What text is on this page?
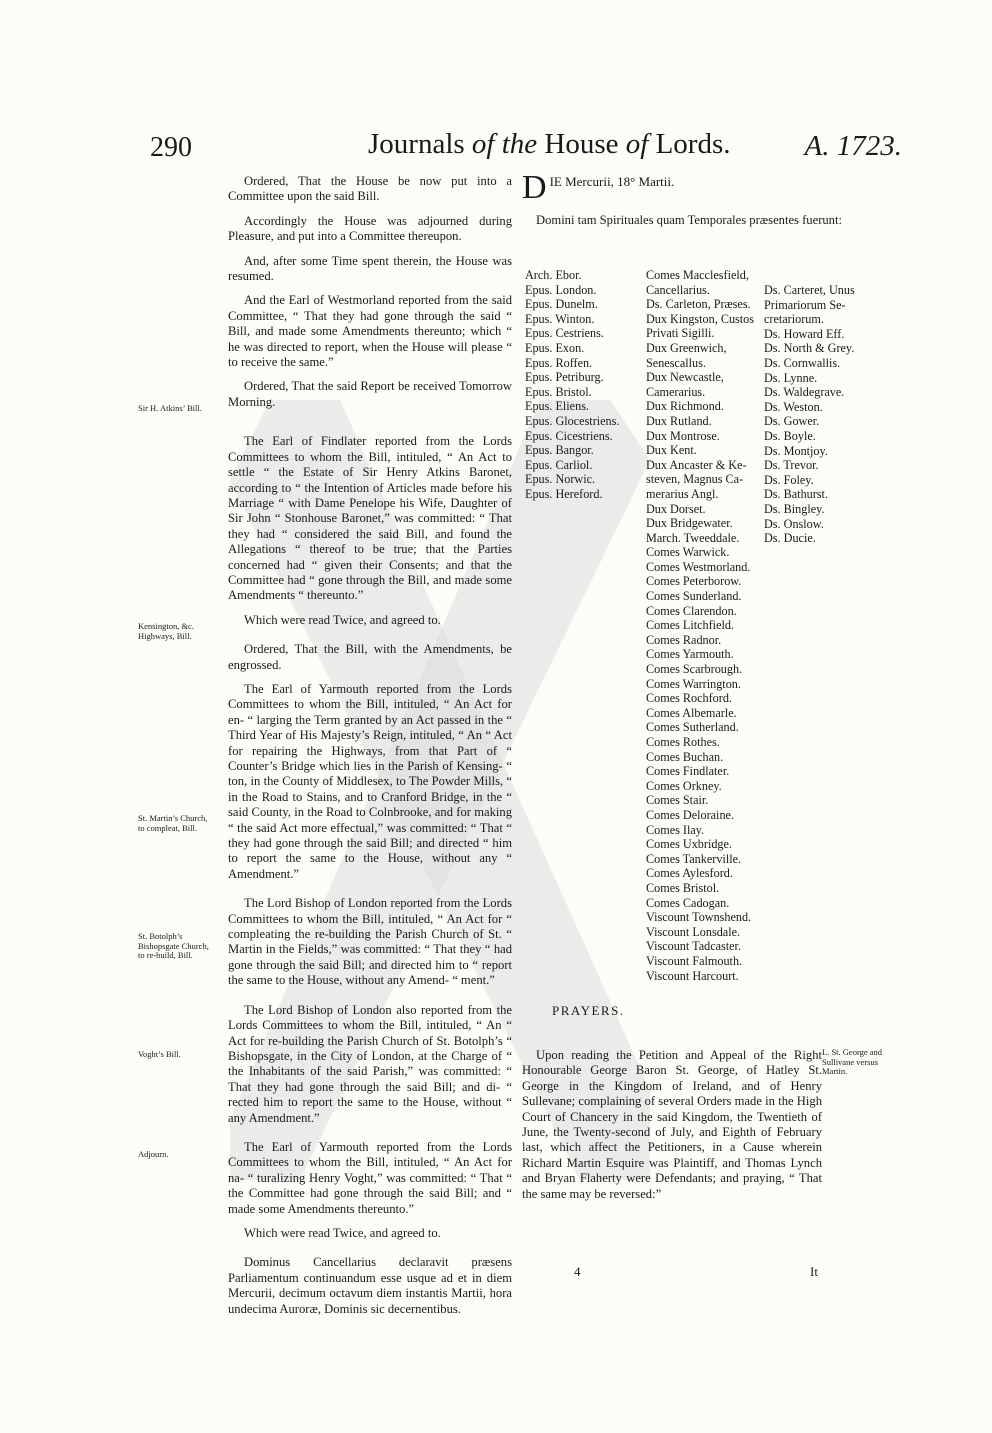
290	Journals of the House of Lords.	A. 1723.

Ordered, That the House be now put into a Committee upon the said Bill.

Accordingly the House was adjourned during Pleasure, and put into a Committee thereupon.

And, after some Time spent therein, the House was resumed.

And the Earl of Westmorland reported from the said Committee, “ That they had gone through the said “ Bill, and made some Amendments thereunto; which “ he was directed to report, when the House will please “ to receive the same.”

Ordered, That the said Report be received Tomorrow Morning.

The Earl of Findlater reported from the Lords Committees to whom the Bill, intituled, “ An Act to settle “ the Estate of Sir Henry Atkins Baronet, according to “ the Intention of Articles made before his Marriage “ with Dame Penelope his Wife, Daughter of Sir John “ Stonhouse Baronet,” was committed: “ That they had “ considered the said Bill, and found the Allegations “ thereof to be true; that the Parties concerned had “ given their Consents; and that the Committee had “ gone through the Bill, and made some Amendments “ thereunto.”

Which were read Twice, and agreed to.

Ordered, That the Bill, with the Amendments, be engrossed.

The Earl of Yarmouth reported from the Lords Committees to whom the Bill, intituled, “ An Act for en- “ larging the Term granted by an Act passed in the “ Third Year of His Majesty’s Reign, intituled, “ An “ Act for repairing the Highways, from that Part of “ Counter’s Bridge which lies in the Parish of Kensing- “ ton, in the County of Middlesex, to The Powder Mills, “ in the Road to Stains, and to Cranford Bridge, in the “ said County, in the Road to Colnbrooke, and for making “ the said Act more effectual,” was committed: “ That “ they had gone through the said Bill; and directed “ him to report the same to the House, without any “ Amendment.”

The Lord Bishop of London reported from the Lords Committees to whom the Bill, intituled, “ An Act for “ compleating the re-building the Parish Church of St. “ Martin in the Fields,” was committed: “ That they “ had gone through the said Bill; and directed him to “ report the same to the House, without any Amend- “ ment.”

The Lord Bishop of London also reported from the Lords Committees to whom the Bill, intituled, “ An “ Act for re-building the Parish Church of St. Botolph’s “ Bishopsgate, in the City of London, at the Charge of “ the Inhabitants of the said Parish,” was committed: “ That they had gone through the said Bill; and di- “ rected him to report the same to the House, without “ any Amendment.”

The Earl of Yarmouth reported from the Lords Committees to whom the Bill, intituled, “ An Act for na- “ turalizing Henry Voght,” was committed: “ That “ the Committee had gone through the said Bill; and “ made some Amendments thereunto.”

Which were read Twice, and agreed to.

Dominus Cancellarius declaravit præsens Parliamentum continuandum esse usque ad et in diem Mercurii, decimum octavum diem instantis Martii, hora undecima Auroræ, Dominis sic decernentibus.

Sir H. Atkins’ Bill.
Kensington, &c. Highways, Bill.
St. Martin’s Church, to compleat, Bill.
St. Botolph’s Bishopsgate Church, to re-build, Bill.
Voght’s Bill.
Adjourn.
D IE Mercurii, 18° Martii.
Domini tam Spirituales quam Temporales præsentes fuerunt:
Arch. Ebor.
Epus. London.
Epus. Dunelm.
Epus. Winton.
Epus. Cestriens.
Epus. Exon.
Epus. Roffen.
Epus. Petriburg.
Epus. Bristol.
Epus. Eliens.
Epus. Glocestriens.
Epus. Cicestriens.
Epus. Bangor.
Epus. Carliol.
Epus. Norwic.
Epus. Hereford.
Comes Macclesfield,
Cancellarius.
Ds. Carleton, Præses.
Dux Kingston, Custos
Privati Sigilli.
Dux Greenwich,
Senescallus.
Dux Newcastle,
Camerarius.
Dux Richmond.
Dux Rutland.
Dux Montrose.
Dux Kent.
Dux Ancaster & Ke-
steven, Magnus Ca-
merarius Angl.
Dux Dorset.
Dux Bridgewater.
March. Tweeddale.
Comes Warwick.
Comes Westmorland.
Comes Peterborow.
Comes Sunderland.
Comes Clarendon.
Comes Litchfield.
Comes Radnor.
Comes Yarmouth.
Comes Scarbrough.
Comes Warrington.
Comes Rochford.
Comes Albemarle.
Comes Sutherland.
Comes Rothes.
Comes Buchan.
Comes Findlater.
Comes Orkney.
Comes Stair.
Comes Deloraine.
Comes Ilay.
Comes Uxbridge.
Comes Tankerville.
Comes Aylesford.
Comes Bristol.
Comes Cadogan.
Viscount Townshend.
Viscount Lonsdale.
Viscount Tadcaster.
Viscount Falmouth.
Viscount Harcourt.
Ds. Carteret, Unus
Primariorum Se-
cretariorum.
Ds. Howard Eff.
Ds. North & Grey.
Ds. Cornwallis.
Ds. Lynne.
Ds. Waldegrave.
Ds. Weston.
Ds. Gower.
Ds. Boyle.
Ds. Montjoy.
Ds. Trevor.
Ds. Foley.
Ds. Bathurst.
Ds. Bingley.
Ds. Onslow.
Ds. Ducie.
PRAYERS.
Upon reading the Petition and Appeal of the Right Honourable George Baron St. George, of Hatley St. George in the Kingdom of Ireland, and of Henry Sullevane; complaining of several Orders made in the High Court of Chancery in the said Kingdom, the Twentieth of June, the Twenty-second of July, and Eighth of February last, which affect the Petitioners, in a Cause wherein Richard Martin Esquire was Plaintiff, and Thomas Lynch and Bryan Flaherty were Defendants; and praying, “ That the same may be reversed:”
L. St. George and Sullivane versus Martin.
4	It
